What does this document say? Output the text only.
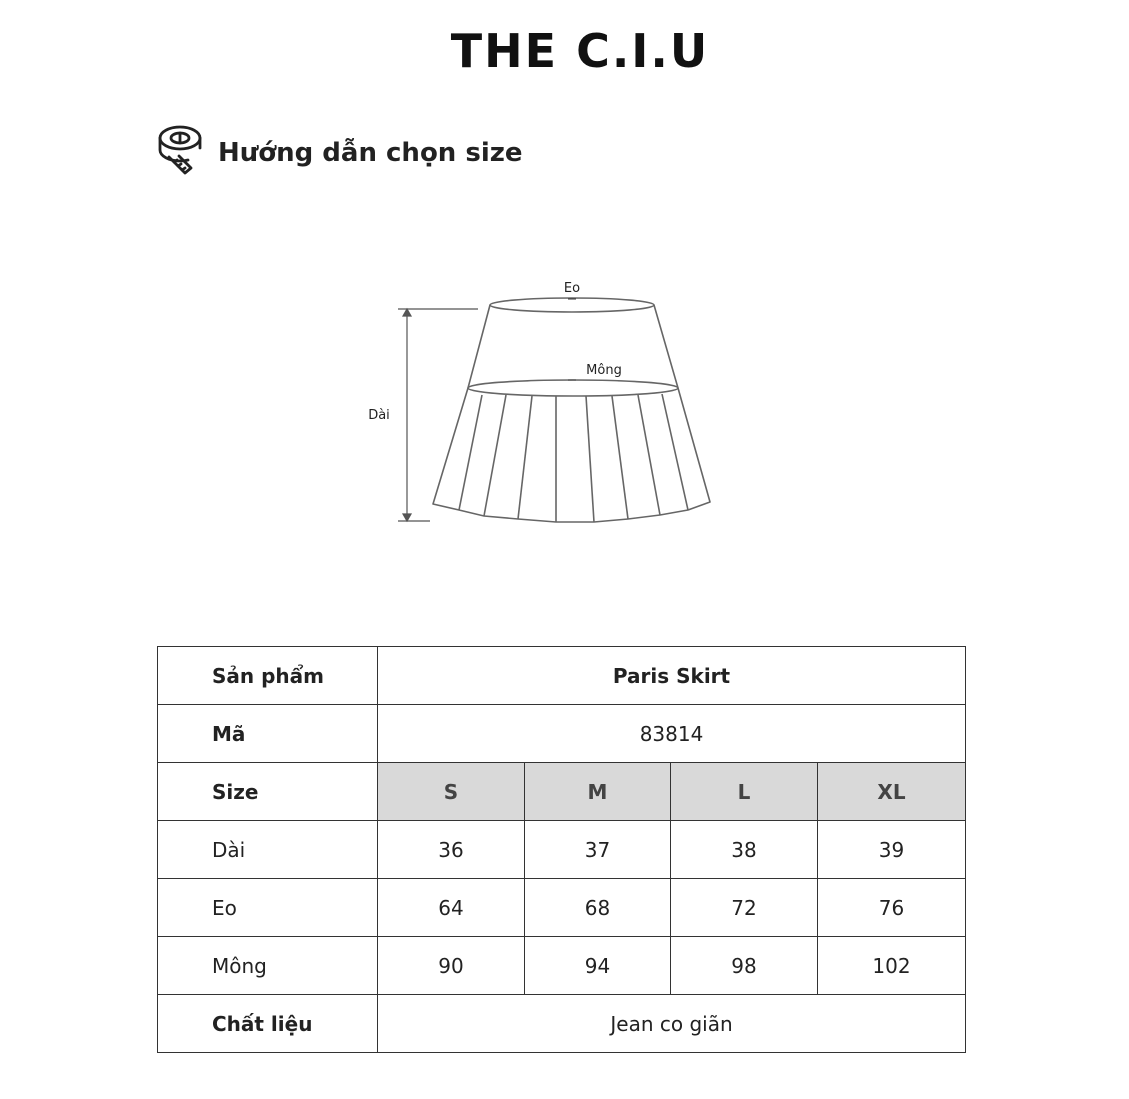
THE C.I.U
Hướng dẫn chọn size
Eo
Mông
Dài
Sản phẩm	Paris Skirt			
Mã	83814			
Size	S	M	L	XL
Dài	36	37	38	39
Eo	64	68	72	76
Mông	90	94	98	102
Chất liệu	Jean co giãn			
